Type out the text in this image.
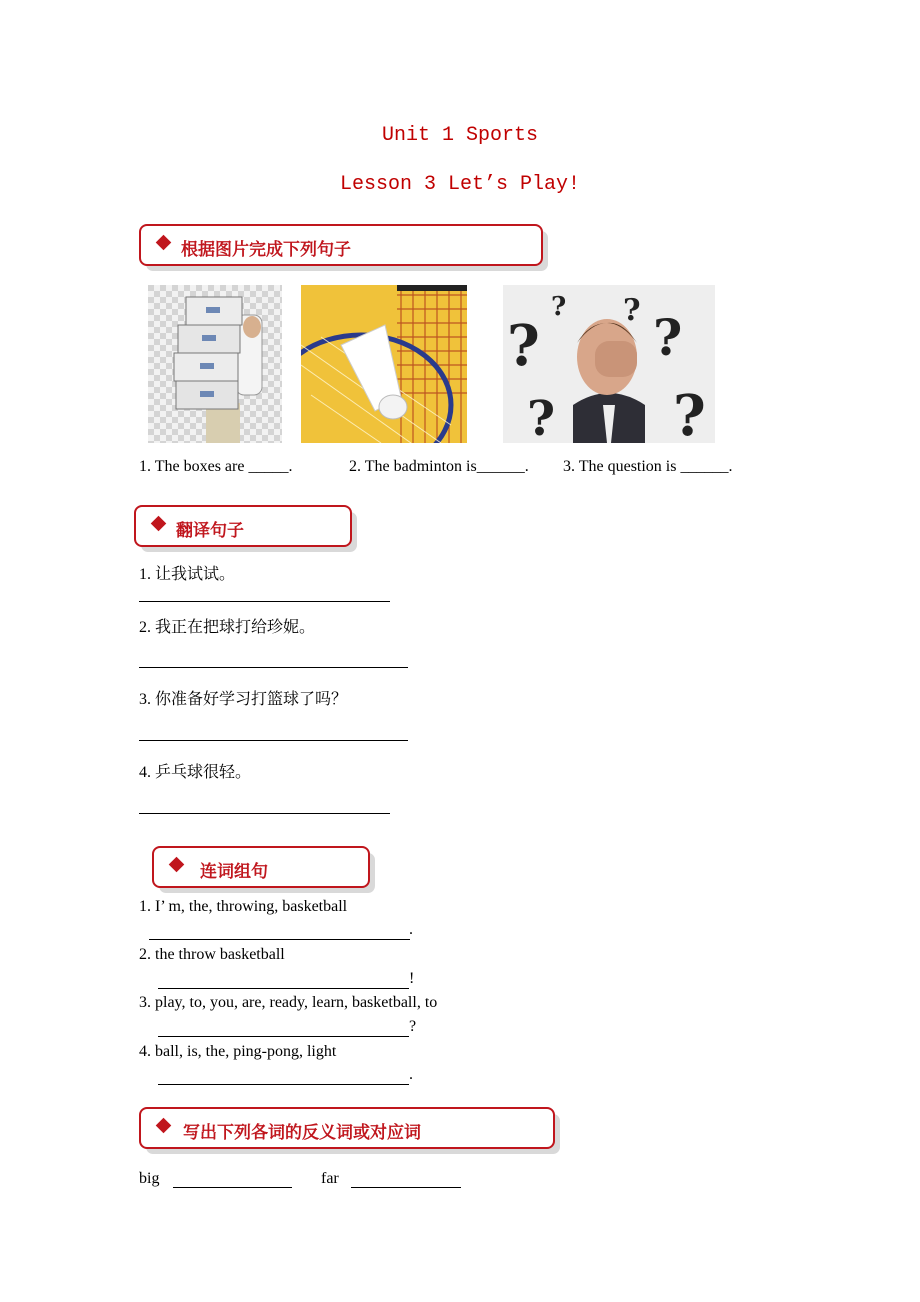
Unit 1 Sports
Lesson 3 Let’s Play!
根据图片完成下列句子
?
?
?
?
?
?
1. The boxes are _____.	2. The badminton is______. 3. The question is ______.
翻译句子
1. 让我试试。
2. 我正在把球打给珍妮。
3. 你准备好学习打篮球了吗？
4. 乒乓球很轻。
连词组句
1. I’ m, the, throwing, basketball
.
2. the throw basketball
!
3. play, to, you, are, ready, learn, basketball, to
?
4. ball, is, the, ping-pong, light
.
写出下列各词的反义词或对应词
big	far
